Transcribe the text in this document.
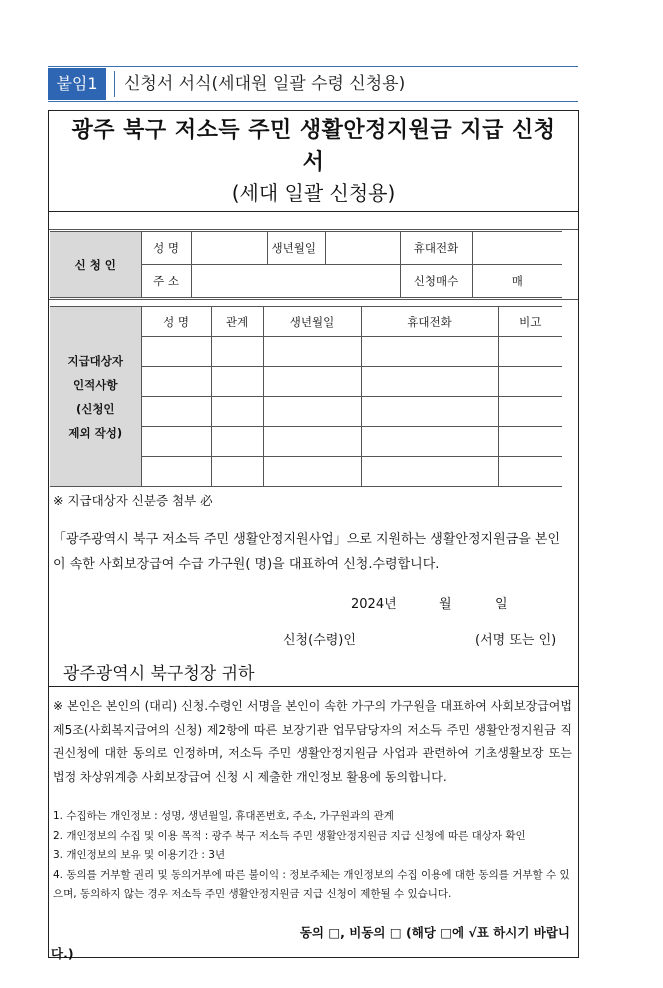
붙임1	신청서 서식(세대원 일괄 수령 신청용)
광주 북구 저소득 주민 생활안정지원금 지급 신청
서
(세대 일괄 신청용)
신 청 인	성 명		생년월일		휴대전화	
	주 소				신청매수	매
지급대상자
인적사항
(신청인
제외 작성)	성 명	관계	생년월일	휴대전화	비고

※ 지급대상자 신분증 첨부 必
「광주광역시 북구 저소득 주민 생활안정지원사업」으로 지원하는 생활안정지원금을 본인이 속한 사회보장급여 수급 가구원( 명)을 대표하여 신청.수령합니다.
2024년	월	일
신청(수령)인	(서명 또는 인)
광주광역시 북구청장 귀하
※ 본인은 본인의 (대리) 신청.수령인 서명을 본인이 속한 가구의 가구원을 대표하여 사회보장급여법 제5조(사회복지급여의 신청) 제2항에 따른 보장기관 업무담당자의 저소득 주민 생활안정지원금 직권신청에 대한 동의로 인정하며, 저소득 주민 생활안정지원금 사업과 관련하여 기초생활보장 또는 법정 차상위계층 사회보장급여 신청 시 제출한 개인정보 활용에 동의합니다.
1. 수집하는 개인정보 : 성명, 생년월일, 휴대폰번호, 주소, 가구원과의 관계
2. 개인정보의 수집 및 이용 목적 : 광주 북구 저소득 주민 생활안정지원금 지급 신청에 따른 대상자 확인
3. 개인정보의 보유 및 이용기간 : 3년
4. 동의를 거부할 권리 및 동의거부에 따른 불이익 : 정보주체는 개인정보의 수집 이용에 대한 동의를 거부할 수 있
으며, 동의하지 않는 경우 저소득 주민 생활안정지원금 지급 신청이 제한될 수 있습니다.
동의 □, 비동의 □ (해당 □에 √표 하시기 바랍니
다.)
